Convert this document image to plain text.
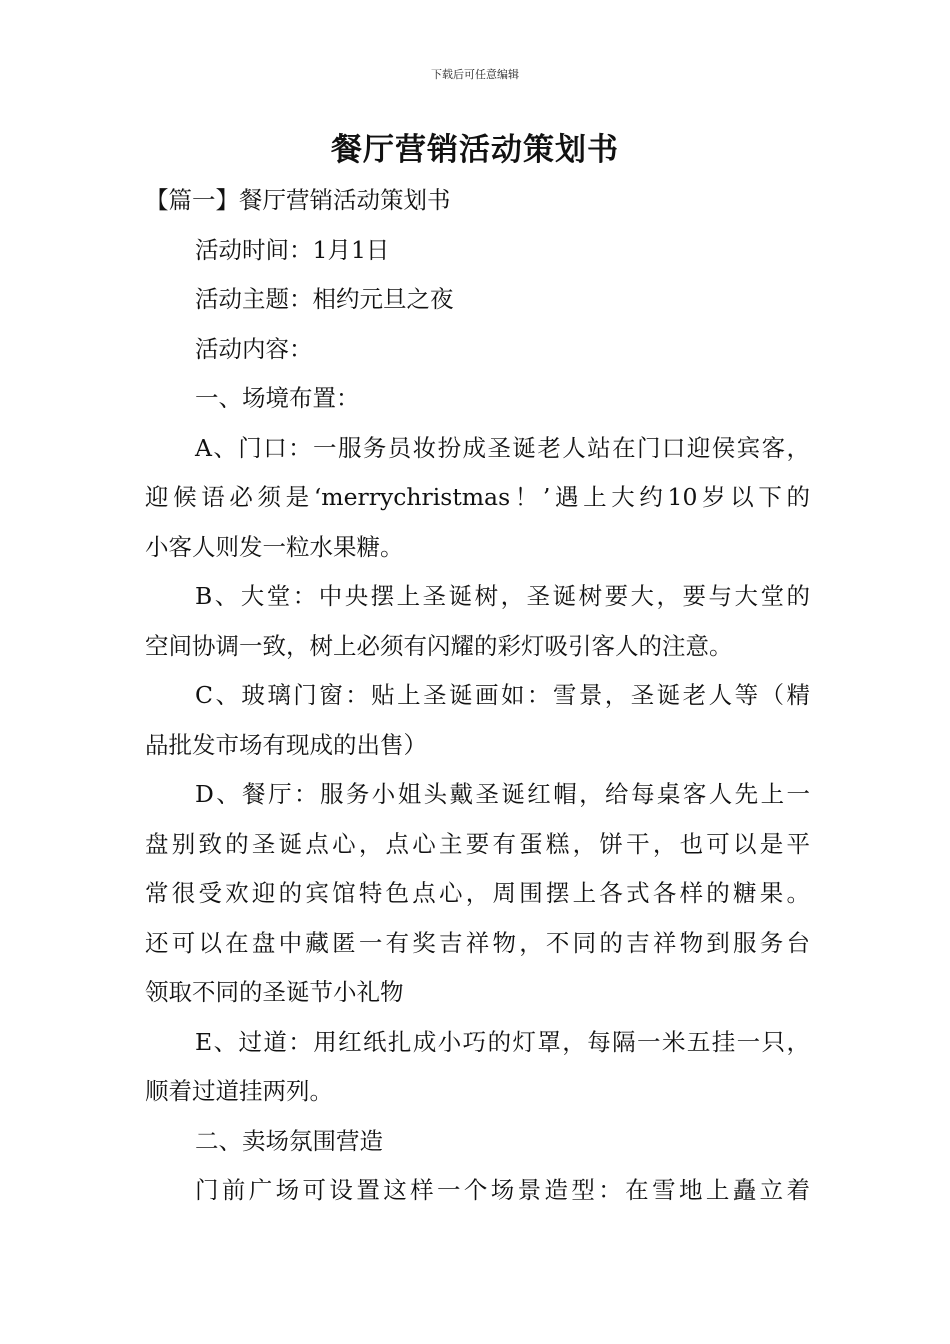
下载后可任意编辑
餐厅营销活动策划书
【篇一】餐厅营销活动策划书
活动时间：1月1日
活动主题：相约元旦之夜
活动内容：
一、场境布置：
A、门口：一服务员妆扮成圣诞老人站在门口迎侯宾客，
迎候语必须是‘merrychristmas！’遇上大约10岁以下的
小客人则发一粒水果糖。
B、大堂：中央摆上圣诞树，圣诞树要大，要与大堂的
空间协调一致，树上必须有闪耀的彩灯吸引客人的注意。
C、玻璃门窗：贴上圣诞画如：雪景，圣诞老人等（精
品批发市场有现成的出售）
D、餐厅：服务小姐头戴圣诞红帽，给每桌客人先上一
盘别致的圣诞点心，点心主要有蛋糕，饼干，也可以是平
常很受欢迎的宾馆特色点心，周围摆上各式各样的糖果。
还可以在盘中藏匿一有奖吉祥物，不同的吉祥物到服务台
领取不同的圣诞节小礼物
E、过道：用红纸扎成小巧的灯罩，每隔一米五挂一只，
顺着过道挂两列。
二、卖场氛围营造
门前广场可设置这样一个场景造型：在雪地上矗立着
